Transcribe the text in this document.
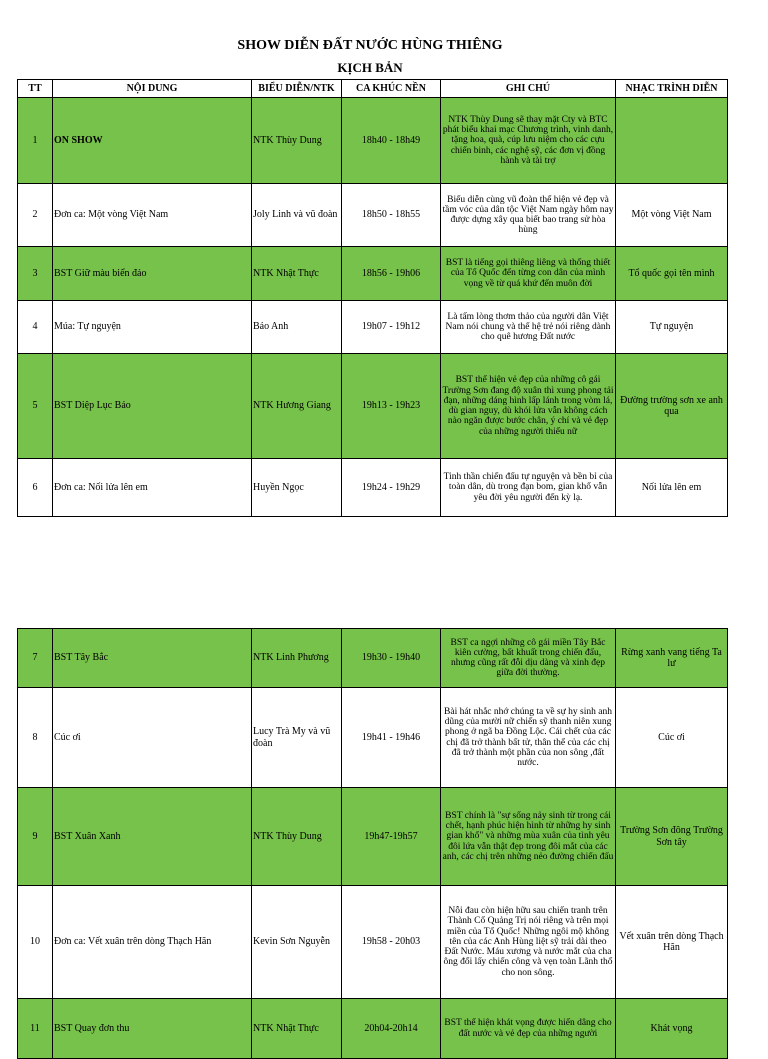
SHOW DIỄN ĐẤT NƯỚC HÙNG THIÊNG
KỊCH BẢN
TT	NỘI DUNG	BIỂU DIỄN/NTK	CA KHÚC NỀN	GHI CHÚ	NHẠC TRÌNH DIỄN
1	ON SHOW	NTK Thùy Dung	18h40 - 18h49	NTK Thùy Dung sẽ thay mặt Cty và BTC phát biểu khai mạc Chương trình, vinh danh, tặng hoa, quà, cúp lưu niệm cho các cựu chiến binh, các nghệ sỹ, các đơn vị đồng hành và tài trợ	
2	Đơn ca: Một vòng Việt Nam	Joly Linh và vũ đoàn	18h50 - 18h55	Biểu diễn cùng vũ đoàn thể hiện vẻ đẹp và tầm vóc của dân tộc Việt Nam ngày hôm nay được dựng xây qua biết bao trang sử hòa hùng	Một vòng Việt Nam
3	BST Giữ màu biển đảo	NTK Nhật Thực	18h56 - 19h06	BST là tiếng gọi thiêng liêng và thống thiết của Tổ Quốc đến từng con dân của mình vọng về từ quá khứ đến muôn đời	Tổ quốc gọi tên mình
4	Múa: Tự nguyện	Bảo Anh	19h07 - 19h12	Là tấm lòng thơm thảo của người dân Việt Nam nói chung và thế hệ trẻ nói riêng dành cho quê hương Đất nước	Tự nguyện
5	BST Diệp Lục Bảo	NTK Hương Giang	19h13 - 19h23	BST thể hiện vẻ đẹp của những cô gái Trường Sơn đang độ xuân thì xung phong tải đạn, những dáng hình lấp lánh trong vòm lá, dù gian nguy, dù khói lửa vẫn không cách nào ngăn được bước chân, ý chí và vẻ đẹp của những người thiếu nữ	Đường trường sơn xe anh qua
6	Đơn ca: Nối lửa lên em	Huyền Ngọc	19h24 - 19h29	Tinh thần chiến đấu tự nguyện và bền bỉ của toàn dân, dù trong đạn bom, gian khổ vẫn yêu đời yêu người đến kỳ lạ.	Nối lửa lên em
7	BST Tây Bắc	NTK Linh Phương	19h30 - 19h40	BST ca ngợi những cô gái miền Tây Bắc kiên cường, bất khuất trong chiến đấu, nhưng cũng rất đỗi dịu dàng và xinh đẹp giữa đời thường.	Rừng xanh vang tiếng Ta lư
8	Cúc ơi	Lucy Trà My và vũ đoàn	19h41 - 19h46	Bài hát nhắc nhớ chúng ta về sự hy sinh anh dũng của mười nữ chiến sỹ thanh niên xung phong ở ngã ba Đồng Lộc. Cái chết của các chị đã trở thành bất tử, thân thể của các chị đã trở thành một phần của non sông ,đất nước.	Cúc ơi
9	BST Xuân Xanh	NTK Thùy Dung	19h47-19h57	BST chính là "sự sống nảy sinh từ trong cái chết, hạnh phúc hiện hình từ những hy sinh gian khổ" và những mùa xuân của tình yêu đôi lứa vẫn thật đẹp trong đôi mắt của các anh, các chị trên những nẻo đường chiến đấu	Trường Sơn đông Trường Sơn tây
10	Đơn ca: Vết xuân trên dòng Thạch Hãn	Kevin Sơn Nguyễn	19h58 - 20h03	Nỗi đau còn hiện hữu sau chiến tranh trên Thành Cổ Quảng Trị nói riêng và trên mọi miền của Tổ Quốc! Những ngôi mộ không tên của các Anh Hùng liệt sỹ trải dài theo Đất Nước. Máu xương và nước mắt của cha ông đổi lấy chiến công và vẹn toàn Lãnh thổ cho non sông.	Vết xuân trên dòng Thạch Hãn
11	BST Quay đơn thu	NTK Nhật Thực	20h04-20h14	BST thể hiện khát vọng được hiến dâng cho đất nước và vẻ đẹp của những người	Khát vọng
